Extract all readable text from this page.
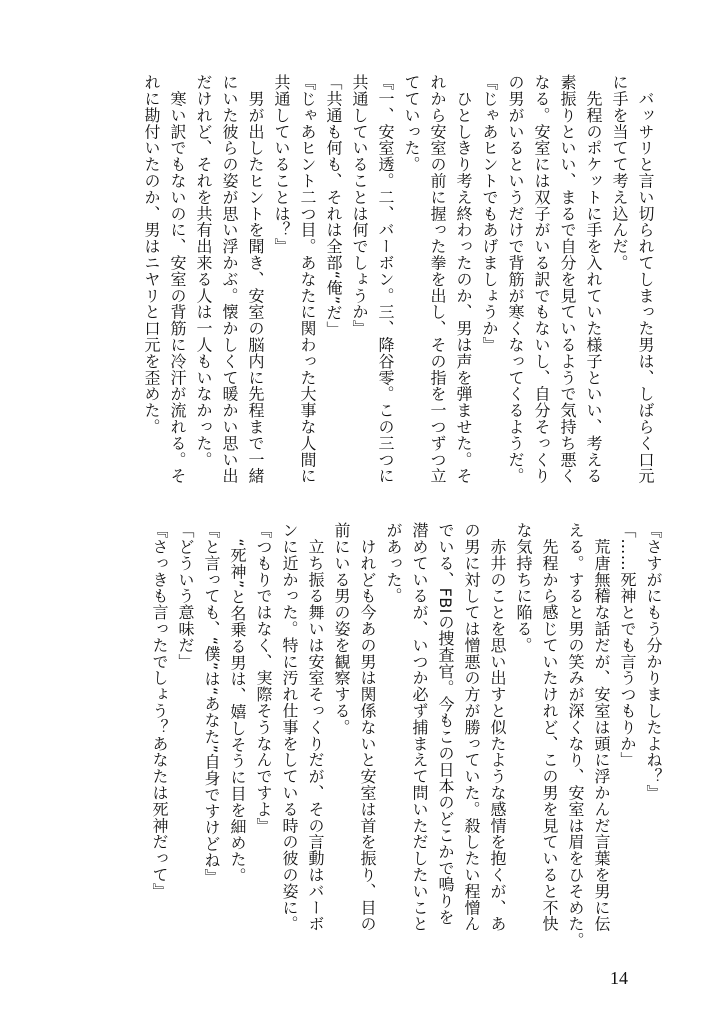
　バッサリと言い切られてしまった男は、しばらく口元
に手を当てて考え込んだ。
　先程のポケットに手を入れていた様子といい、考える
素振りといい、まるで自分を見ているようで気持ち悪く
なる。安室には双子がいる訳でもないし、自分そっくり
の男がいるというだけで背筋が寒くなってくるようだ。
『じゃあヒントでもあげましょうか』
　ひとしきり考え終わったのか、男は声を弾ませた。そ
れから安室の前に握った拳を出し、その指を一つずつ立
てていった。
『一、安室透。二、バーボン。三、降谷零。この三つに
共通していることは何でしょうか』
「共通も何も、それは全部“俺”だ」
『じゃあヒント二つ目。あなたに関わった大事な人間に
共通していることは？』
　男が出したヒントを聞き、安室の脳内に先程まで一緒
にいた彼らの姿が思い浮かぶ。懐かしくて暖かい思い出
だけれど、それを共有出来る人は一人もいなかった。
　寒い訳でもないのに、安室の背筋に冷汗が流れる。そ
れに勘付いたのか、男はニヤリと口元を歪めた。
『さすがにもう分かりましたよね？』
「……死神とでも言うつもりか」
　荒唐無稽な話だが、安室は頭に浮かんだ言葉を男に伝
える。すると男の笑みが深くなり、安室は眉をひそめた。
　先程から感じていたけれど、この男を見ていると不快
な気持ちに陥る。
　赤井のことを思い出すと似たような感情を抱くが、あ
の男に対しては憎悪の方が勝っていた。殺したい程憎ん
でいる、FBIの捜査官。今もこの日本のどこかで鳴りを
潜めているが、いつか必ず捕まえて問いただしたいこと
があった。
　けれども今あの男は関係ないと安室は首を振り、目の
前にいる男の姿を観察する。
　立ち振る舞いは安室そっくりだが、その言動はバーボ
ンに近かった。特に汚れ仕事をしている時の彼の姿に。
『つもりではなく、実際そうなんですよ』
　“死神”と名乗る男は、嬉しそうに目を細めた。
『と言っても、“僕”は“あなた”自身ですけどね』
「どういう意味だ」
『さっきも言ったでしょう？あなたは死神だって』
14
